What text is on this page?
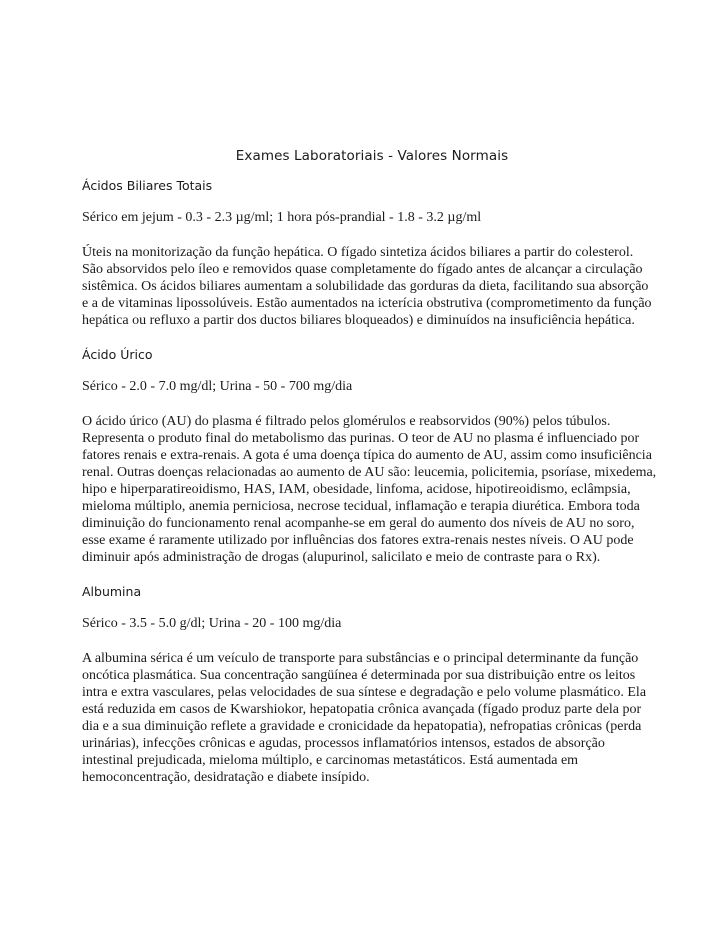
Exames Laboratoriais - Valores Normais
Ácidos Biliares Totais

Sérico em jejum - 0.3 - 2.3 µg/ml; 1 hora pós-prandial - 1.8 - 3.2 µg/ml

Úteis na monitorização da função hepática. O fígado sintetiza ácidos biliares a partir do colesterol. São absorvidos pelo íleo e removidos quase completamente do fígado antes de alcançar a circulação sistêmica. Os ácidos biliares aumentam a solubilidade das gorduras da dieta, facilitando sua absorção e a de vitaminas lipossolúveis. Estão aumentados na icterícia obstrutiva (comprometimento da função hepática ou refluxo a partir dos ductos biliares bloqueados) e diminuídos na insuficiência hepática.

Ácido Úrico

Sérico - 2.0 - 7.0 mg/dl; Urina - 50 - 700 mg/dia

O ácido úrico (AU) do plasma é filtrado pelos glomérulos e reabsorvidos (90%) pelos túbulos. Representa o produto final do metabolismo das purinas. O teor de AU no plasma é influenciado por fatores renais e extra-renais. A gota é uma doença típica do aumento de AU, assim como insuficiência renal. Outras doenças relacionadas ao aumento de AU são: leucemia, policitemia, psoríase, mixedema, hipo e hiperparatireoidismo, HAS, IAM, obesidade, linfoma, acidose, hipotireoidismo, eclâmpsia, mieloma múltiplo, anemia perniciosa, necrose tecidual, inflamação e terapia diurética. Embora toda diminuição do funcionamento renal acompanhe-se em geral do aumento dos níveis de AU no soro, esse exame é raramente utilizado por influências dos fatores extra-renais nestes níveis. O AU pode diminuir após administração de drogas (alupurinol, salicilato e meio de contraste para o Rx).

Albumina

Sérico - 3.5 - 5.0 g/dl; Urina - 20 - 100 mg/dia

A albumina sérica é um veículo de transporte para substâncias e o principal determinante da função oncótica plasmática. Sua concentração sangüínea é determinada por sua distribuição entre os leitos intra e extra vasculares, pelas velocidades de sua síntese e degradação e pelo volume plasmático. Ela está reduzida em casos de Kwarshiokor, hepatopatia crônica avançada (fígado produz parte dela por dia e a sua diminuição reflete a gravidade e cronicidade da hepatopatia), nefropatias crônicas (perda urinárias), infecções crônicas e agudas, processos inflamatórios intensos, estados de absorção intestinal prejudicada, mieloma múltiplo, e carcinomas metastáticos. Está aumentada em hemoconcentração, desidratação e diabete insípido.
